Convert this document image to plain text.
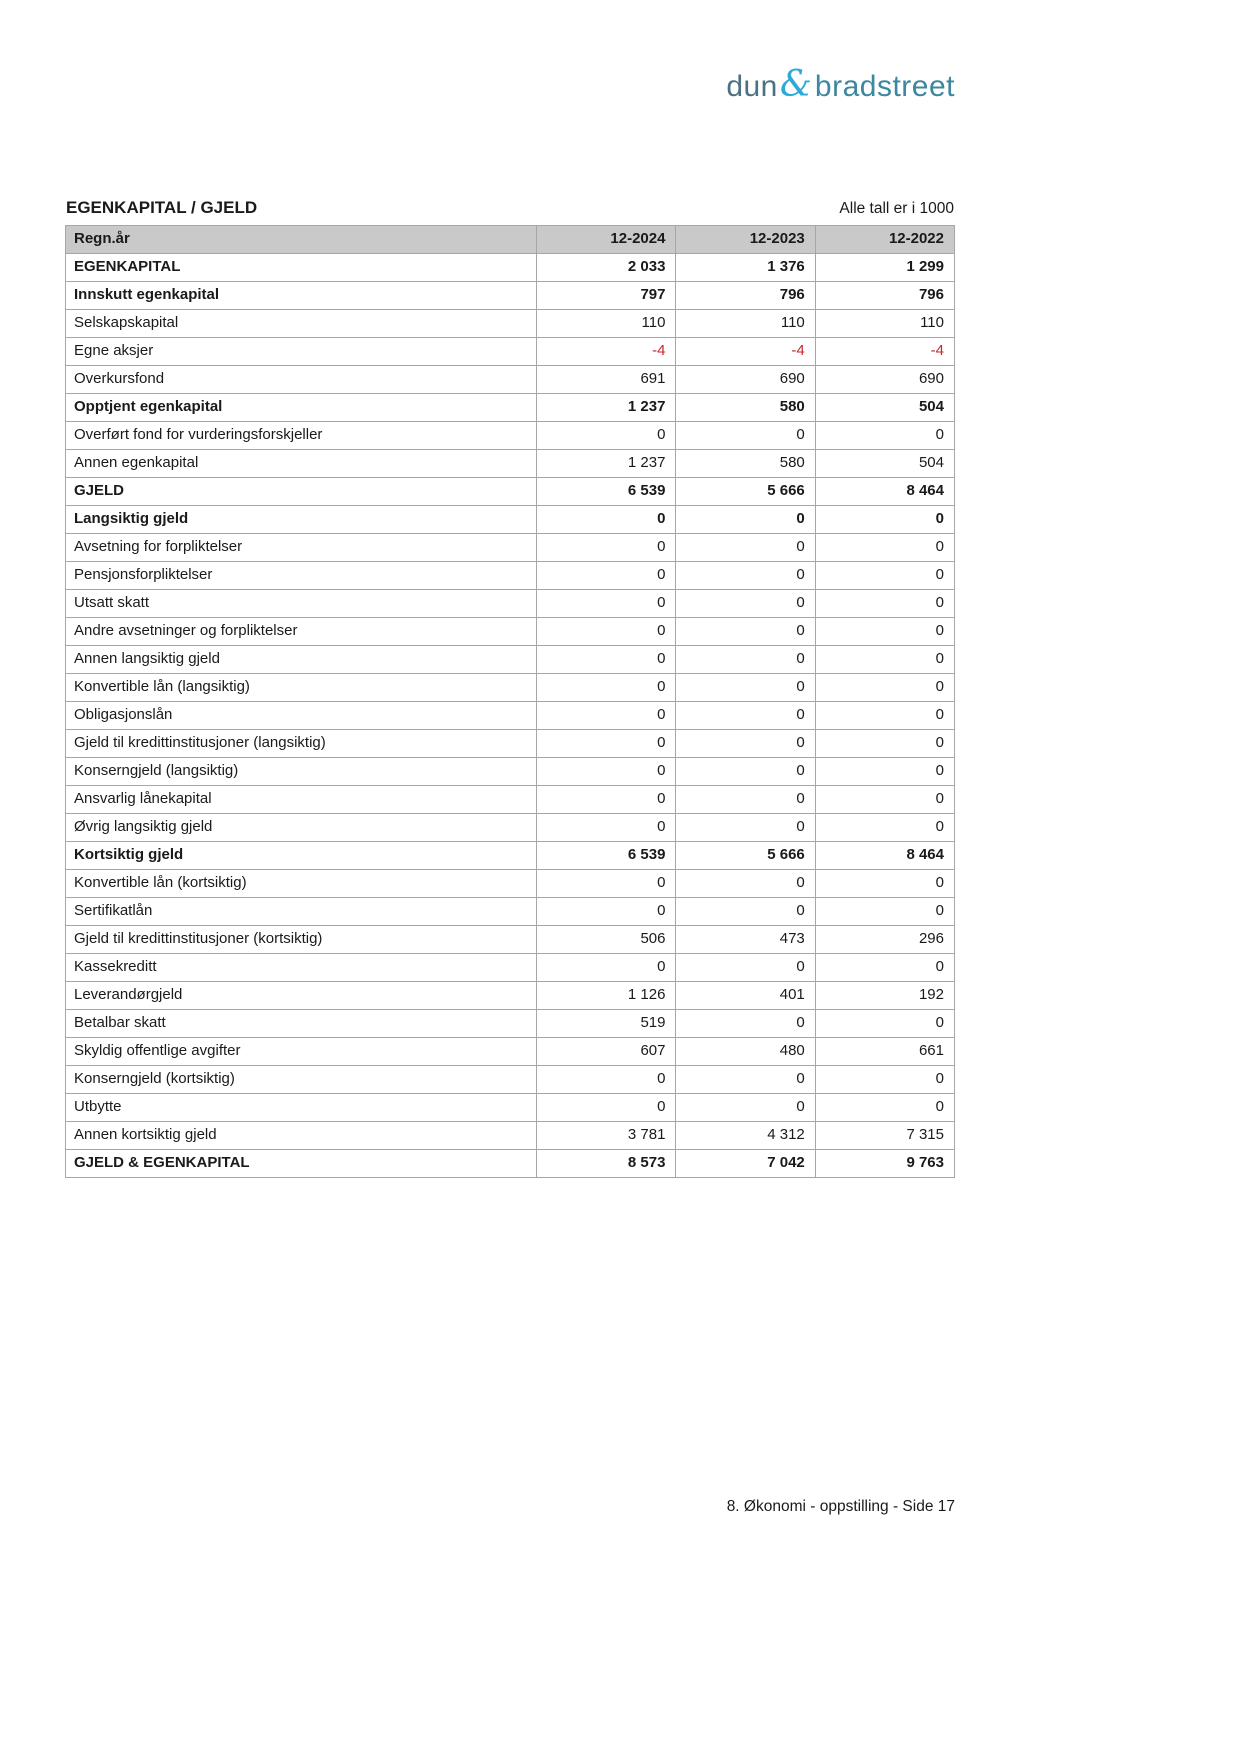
dun & bradstreet
EGENKAPITAL / GJELD	Alle tall er i 1000
Regn.år	12-2024	12-2023	12-2022
EGENKAPITAL	2 033	1 376	1 299
Innskutt egenkapital	797	796	796
Selskapskapital	110	110	110
Egne aksjer	-4	-4	-4
Overkursfond	691	690	690
Opptjent egenkapital	1 237	580	504
Overført fond for vurderingsforskjeller	0	0	0
Annen egenkapital	1 237	580	504
GJELD	6 539	5 666	8 464
Langsiktig gjeld	0	0	0
Avsetning for forpliktelser	0	0	0
Pensjonsforpliktelser	0	0	0
Utsatt skatt	0	0	0
Andre avsetninger og forpliktelser	0	0	0
Annen langsiktig gjeld	0	0	0
Konvertible lån (langsiktig)	0	0	0
Obligasjonslån	0	0	0
Gjeld til kredittinstitusjoner (langsiktig)	0	0	0
Konserngjeld (langsiktig)	0	0	0
Ansvarlig lånekapital	0	0	0
Øvrig langsiktig gjeld	0	0	0
Kortsiktig gjeld	6 539	5 666	8 464
Konvertible lån (kortsiktig)	0	0	0
Sertifikatlån	0	0	0
Gjeld til kredittinstitusjoner (kortsiktig)	506	473	296
Kassekreditt	0	0	0
Leverandørgjeld	1 126	401	192
Betalbar skatt	519	0	0
Skyldig offentlige avgifter	607	480	661
Konserngjeld (kortsiktig)	0	0	0
Utbytte	0	0	0
Annen kortsiktig gjeld	3 781	4 312	7 315
GJELD & EGENKAPITAL	8 573	7 042	9 763
8. Økonomi - oppstilling - Side 17
